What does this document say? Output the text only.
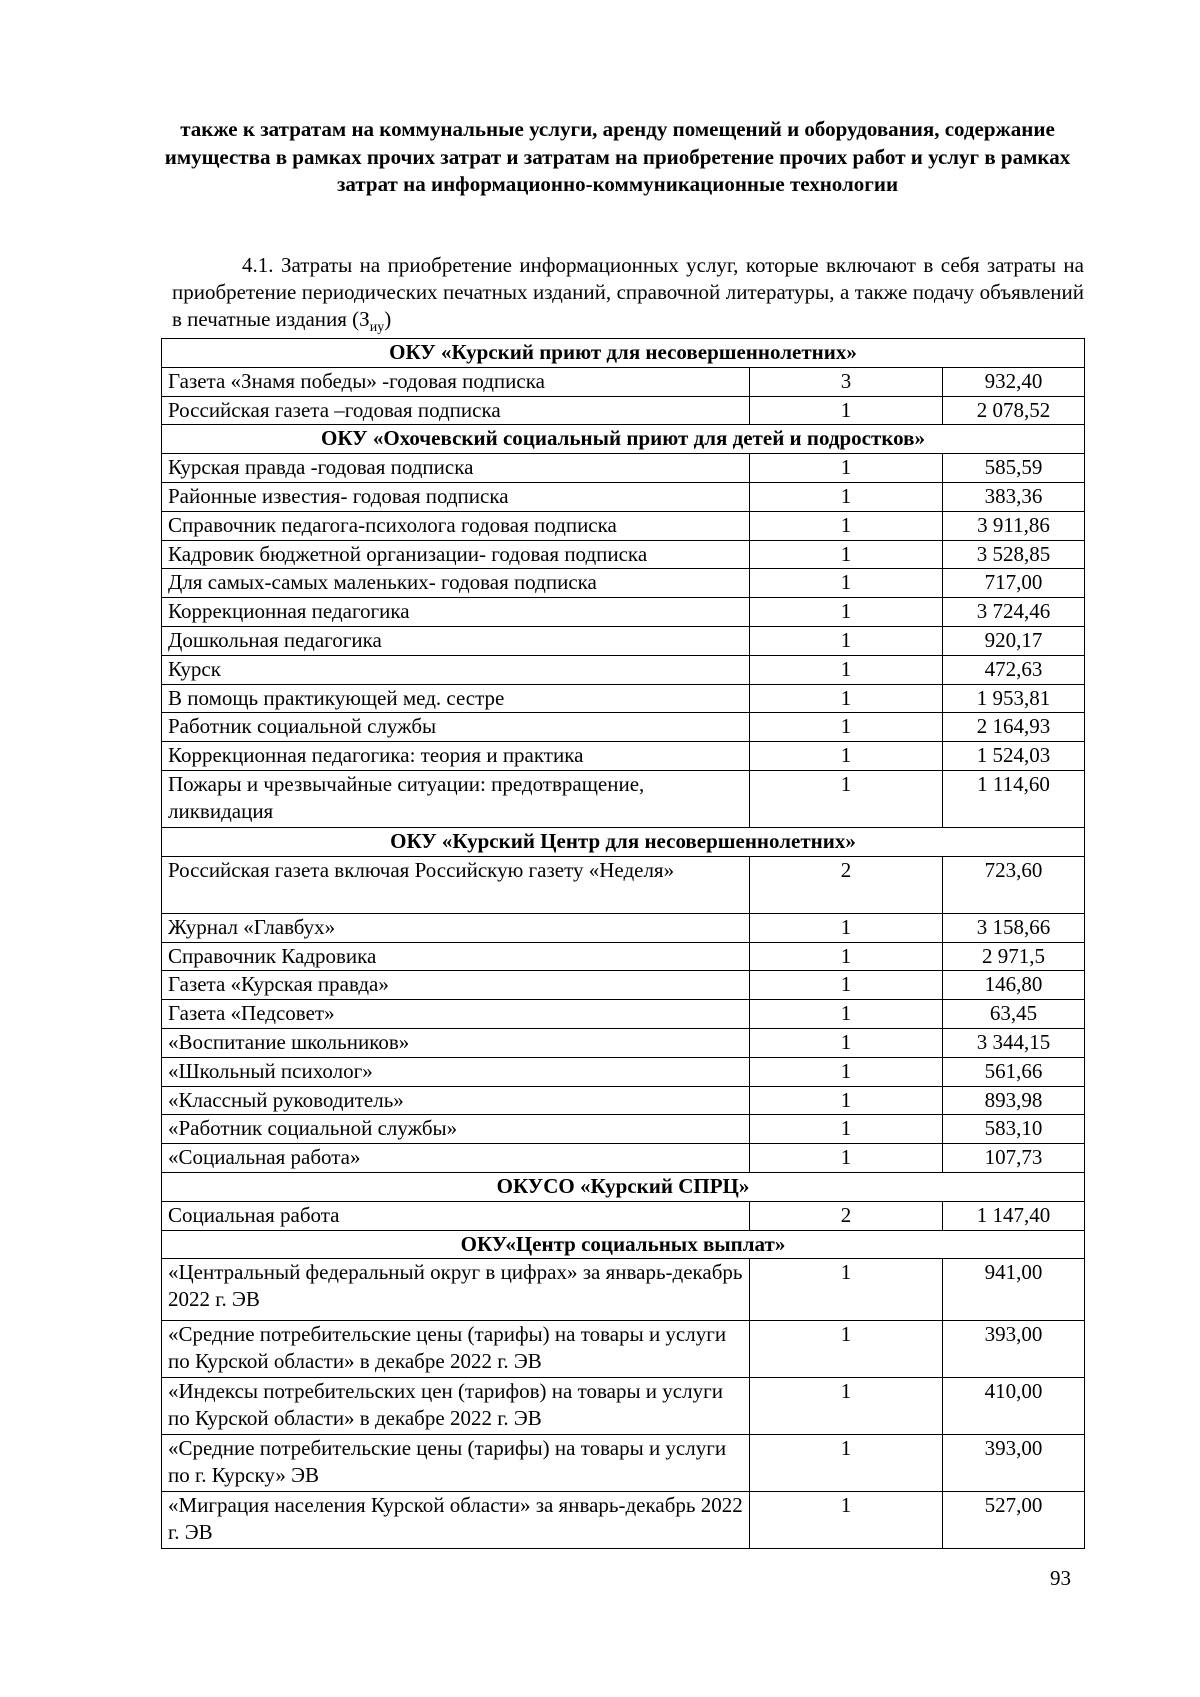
также к затратам на коммунальные услуги, аренду помещений и оборудования, содержание имущества в рамках прочих затрат и затратам на приобретение прочих работ и услуг в рамках затрат на информационно-коммуникационные технологии
4.1. Затраты на приобретение информационных услуг, которые включают в себя затраты на приобретение периодических печатных изданий, справочной литературы, а также подачу объявлений в печатные издания $(З_{иу})$
ОКУ «Курский приют для несовершеннолетних»		
Газета «Знамя победы» -годовая подписка	3	932,40
Российская газета –годовая подписка	1	2 078,52
ОКУ «Охочевский социальный приют для детей и подростков»		
Курская правда -годовая подписка	1	585,59
Районные известия- годовая подписка	1	383,36
Справочник педагога-психолога годовая подписка	1	3 911,86
Кадровик бюджетной организации- годовая подписка	1	3 528,85
Для самых-самых маленьких- годовая подписка	1	717,00
Коррекционная педагогика	1	3 724,46
Дошкольная педагогика	1	920,17
Курск	1	472,63
В помощь практикующей мед. сестре	1	1 953,81
Работник социальной службы	1	2 164,93
Коррекционная педагогика: теория и практика	1	1 524,03
Пожары и чрезвычайные ситуации: предотвращение, ликвидация	1	1 114,60
ОКУ «Курский Центр для несовершеннолетних»		
Российская газета включая Российскую газету «Неделя»	2	723,60
Журнал «Главбух»	1	3 158,66
Справочник Кадровика	1	2 971,5
Газета «Курская правда»	1	146,80
Газета «Педсовет»	1	63,45
«Воспитание школьников»	1	3 344,15
«Школьный психолог»	1	561,66
«Классный руководитель»	1	893,98
«Работник социальной службы»	1	583,10
«Социальная работа»	1	107,73
ОКУСО «Курский СПРЦ»		
Социальная работа	2	1 147,40
ОКУ«Центр социальных выплат»		
«Центральный федеральный округ в цифрах» за январь-декабрь 2022 г. ЭВ	1	941,00
«Средние потребительские цены (тарифы) на товары и услуги по Курской области» в декабре 2022 г. ЭВ	1	393,00
«Индексы потребительских цен (тарифов) на товары и услуги по Курской области» в декабре 2022 г. ЭВ	1	410,00
«Средние потребительские цены (тарифы) на товары и услуги по г. Курску» ЭВ	1	393,00
«Миграция населения Курской области» за январь-декабрь 2022 г. ЭВ	1	527,00
93
